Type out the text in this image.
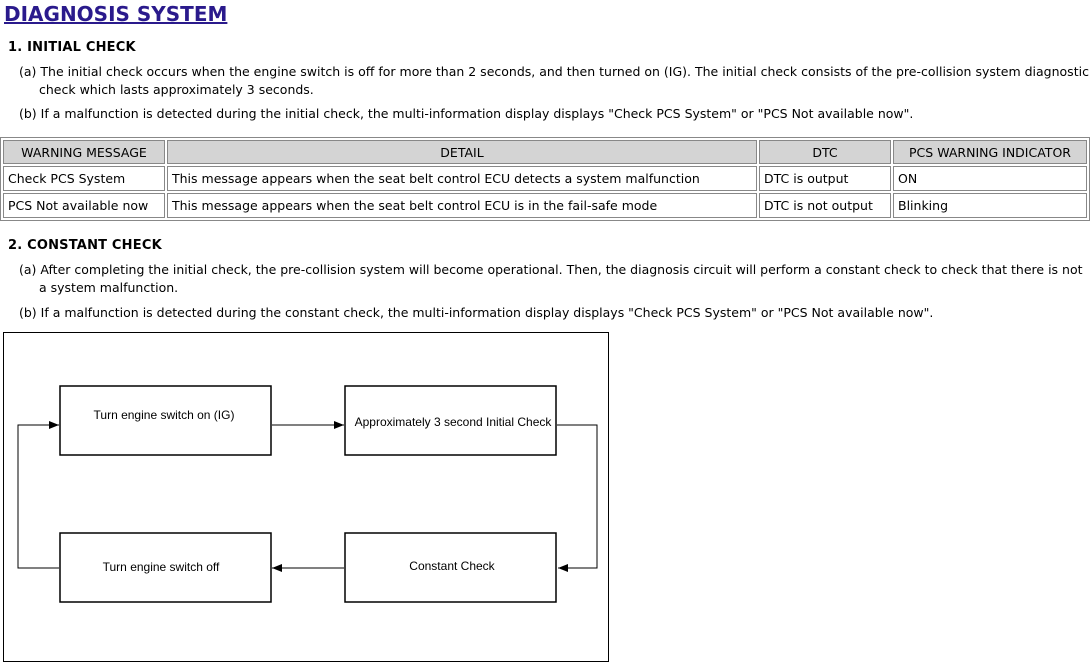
DIAGNOSIS SYSTEM
1. INITIAL CHECK
(a) The initial check occurs when the engine switch is off for more than 2 seconds, and then turned on (IG). The initial check consists of the pre-collision system diagnostic check which lasts approximately 3 seconds.
(b) If a malfunction is detected during the initial check, the multi-information display displays "Check PCS System" or "PCS Not available now".
WARNING MESSAGE	DETAIL	DTC	PCS WARNING INDICATOR
Check PCS System	This message appears when the seat belt control ECU detects a system malfunction	DTC is output	ON
PCS Not available now	This message appears when the seat belt control ECU is in the fail-safe mode	DTC is not output	Blinking
2. CONSTANT CHECK
(a) After completing the initial check, the pre-collision system will become operational. Then, the diagnosis circuit will perform a constant check to check that there is not a system malfunction.
(b) If a malfunction is detected during the constant check, the multi-information display displays "Check PCS System" or "PCS Not available now".
Turn engine switch on (IG)	Approximately 3 second Initial Check
Turn engine switch off	Constant Check
